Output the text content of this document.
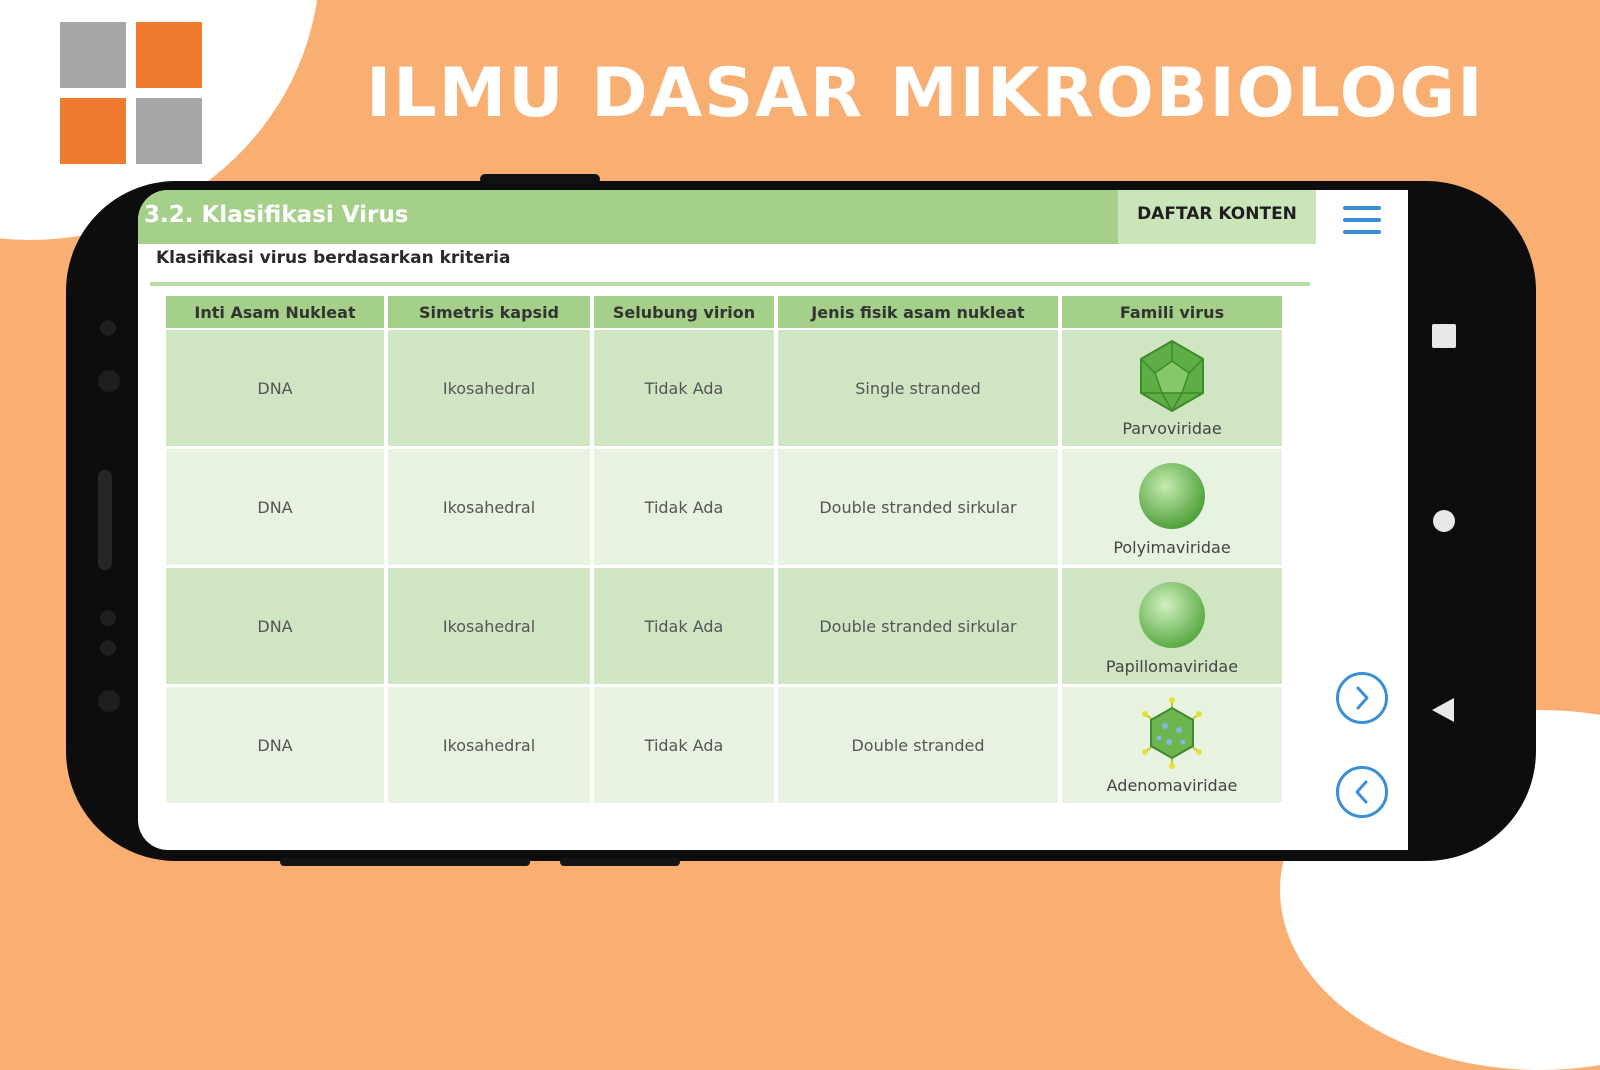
ILMU DASAR MIKROBIOLOGI
3.2. Klasifikasi Virus	DAFTAR KONTEN
Klasifikasi virus berdasarkan kriteria
Inti Asam Nukleat	Simetris kapsid	Selubung virion	Jenis fisik asam nukleat	Famili virus
DNA	Ikosahedral	Tidak Ada	Single stranded	Parvoviridae

DNA	Ikosahedral	Tidak Ada	Double stranded sirkular	Polyimaviridae

DNA	Ikosahedral	Tidak Ada	Double stranded sirkular	Papillomaviridae

DNA	Ikosahedral	Tidak Ada	Double stranded	Adenomaviridae
